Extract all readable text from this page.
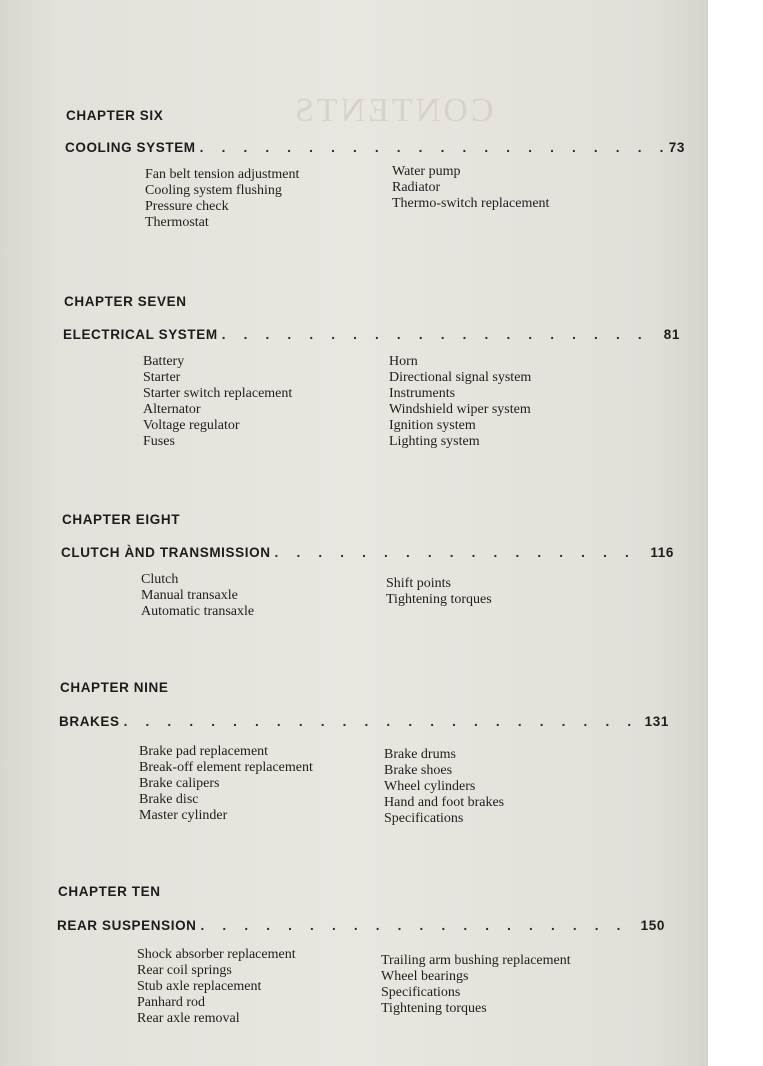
CONTENTS
CHAPTER SIX
COOLING SYSTEM . . .	73
Fan belt tension adjustment
Cooling system flushing
Pressure check
Thermostat
Water pump
Radiator
Thermo-switch replacement
CHAPTER SEVEN
ELECTRICAL SYSTEM . . .	81
Battery
Starter
Starter switch replacement
Alternator
Voltage regulator
Fuses
Horn
Directional signal system
Instruments
Windshield wiper system
Ignition system
Lighting system
CHAPTER EIGHT
CLUTCH ÀND TRANSMISSION . . .	116
Clutch
Manual transaxle
Automatic transaxle
Shift points
Tightening torques
CHAPTER NINE
BRAKES . . .	131
Brake pad replacement
Break-off element replacement
Brake calipers
Brake disc
Master cylinder
Brake drums
Brake shoes
Wheel cylinders
Hand and foot brakes
Specifications
CHAPTER TEN
REAR SUSPENSION . . .	150
Shock absorber replacement
Rear coil springs
Stub axle replacement
Panhard rod
Rear axle removal
Trailing arm bushing replacement
Wheel bearings
Specifications
Tightening torques
